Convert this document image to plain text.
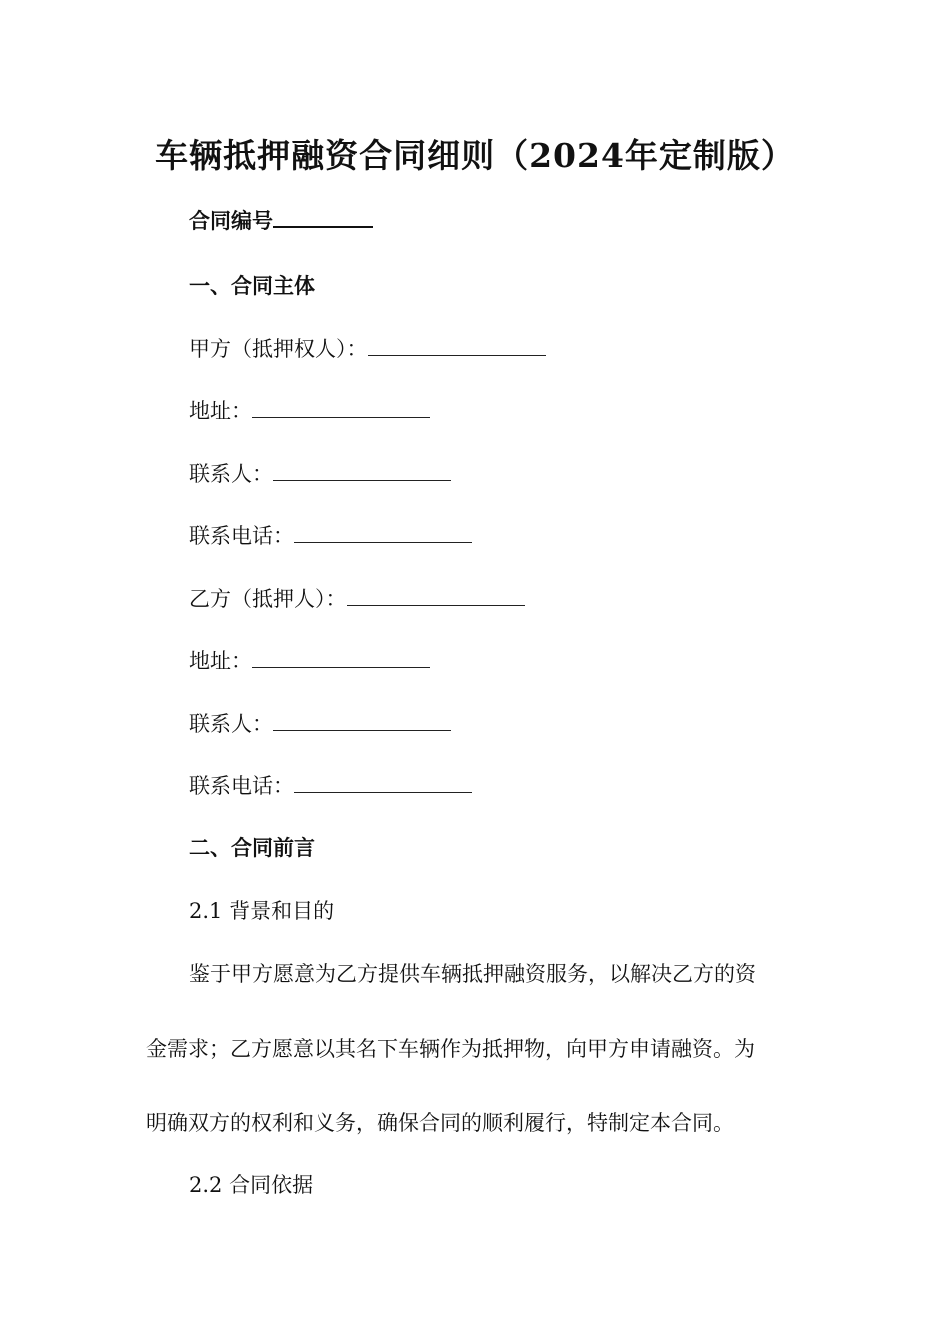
车辆抵押融资合同细则（2024年定制版）

合同编号

一、合同主体

甲方（抵押权人）：

地址：

联系人：

联系电话：

乙方（抵押人）：

地址：

联系人：

联系电话：

二、合同前言

2.1 背景和目的

鉴于甲方愿意为乙方提供车辆抵押融资服务，以解决乙方的资

金需求；乙方愿意以其名下车辆作为抵押物，向甲方申请融资。为

明确双方的权利和义务，确保合同的顺利履行，特制定本合同。

2.2 合同依据
